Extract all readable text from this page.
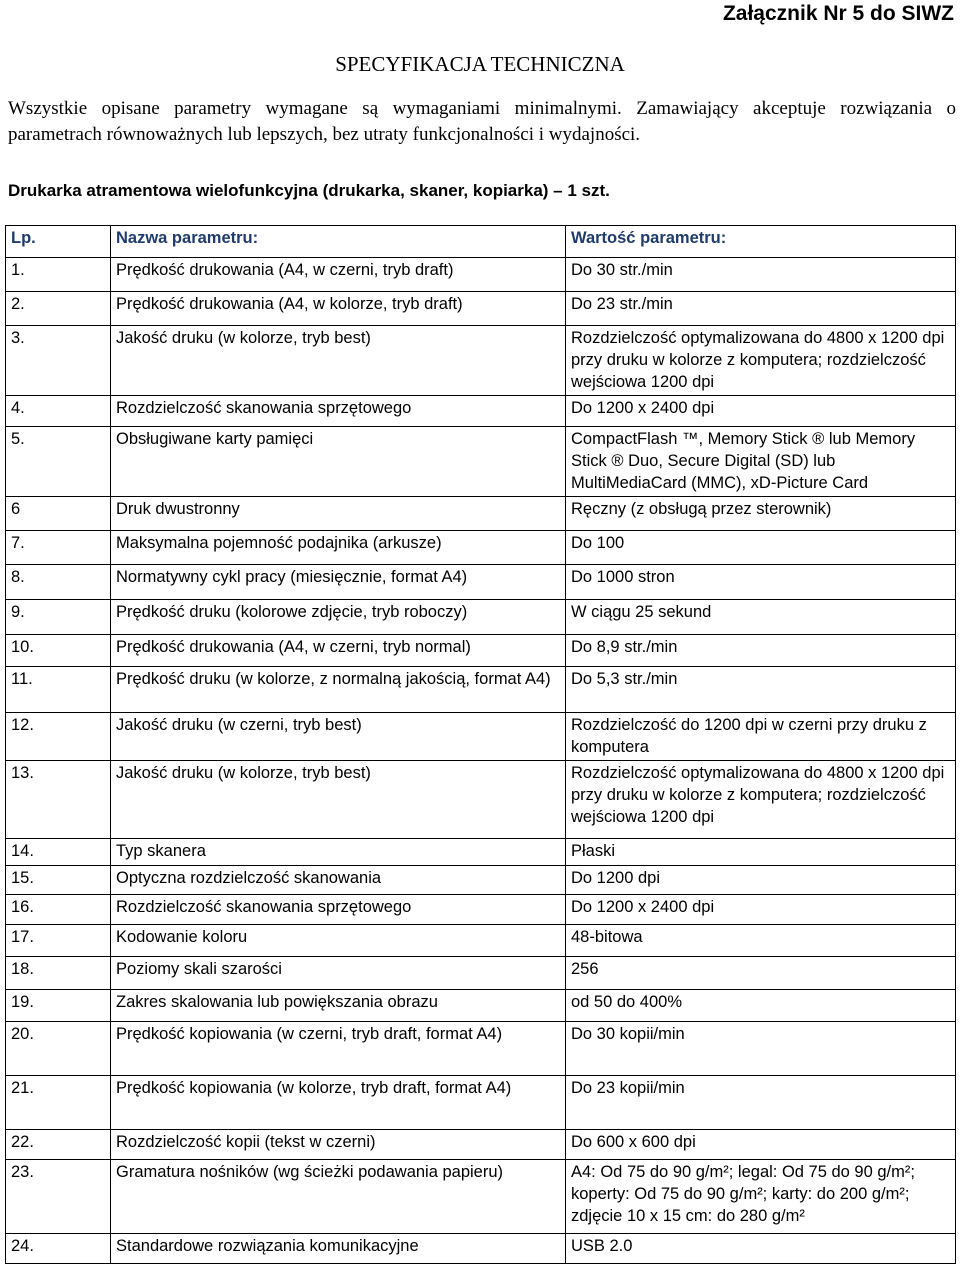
Załącznik Nr 5 do SIWZ
SPECYFIKACJA TECHNICZNA
Wszystkie opisane parametry wymagane są wymaganiami minimalnymi. Zamawiający akceptuje rozwiązania o parametrach równoważnych lub lepszych, bez utraty funkcjonalności i wydajności.
Drukarka atramentowa wielofunkcyjna (drukarka, skaner, kopiarka) – 1 szt.
Lp.	Nazwa parametru:	Wartość parametru:
1.	Prędkość drukowania (A4, w czerni, tryb draft)	Do 30 str./min
2.	Prędkość drukowania (A4, w kolorze, tryb draft)	Do 23 str./min
3.	Jakość druku (w kolorze, tryb best)	Rozdzielczość optymalizowana do 4800 x 1200 dpi przy druku w kolorze z komputera; rozdzielczość wejściowa 1200 dpi
4.	Rozdzielczość skanowania sprzętowego	Do 1200 x 2400 dpi
5.	Obsługiwane karty pamięci	CompactFlash ™, Memory Stick ® lub Memory Stick ® Duo, Secure Digital (SD) lub MultiMediaCard (MMC), xD-Picture Card
6	Druk dwustronny	Ręczny (z obsługą przez sterownik)
7.	Maksymalna pojemność podajnika (arkusze)	Do 100
8.	Normatywny cykl pracy (miesięcznie, format A4)	Do 1000 stron
9.	Prędkość druku (kolorowe zdjęcie, tryb roboczy)	W ciągu 25 sekund
10.	Prędkość drukowania (A4, w czerni, tryb normal)	Do 8,9 str./min
11.	Prędkość druku (w kolorze, z normalną jakością, format A4)	Do 5,3 str./min
12.	Jakość druku (w czerni, tryb best)	Rozdzielczość do 1200 dpi w czerni przy druku z komputera
13.	Jakość druku (w kolorze, tryb best)	Rozdzielczość optymalizowana do 4800 x 1200 dpi przy druku w kolorze z komputera; rozdzielczość wejściowa 1200 dpi
14.	Typ skanera	Płaski
15.	Optyczna rozdzielczość skanowania	Do 1200 dpi
16.	Rozdzielczość skanowania sprzętowego	Do 1200 x 2400 dpi
17.	Kodowanie koloru	48-bitowa
18.	Poziomy skali szarości	256
19.	Zakres skalowania lub powiększania obrazu	od 50 do 400%
20.	Prędkość kopiowania (w czerni, tryb draft, format A4)	Do 30 kopii/min
21.	Prędkość kopiowania (w kolorze, tryb draft, format A4)	Do 23 kopii/min
22.	Rozdzielczość kopii (tekst w czerni)	Do 600 x 600 dpi
23.	Gramatura nośników (wg ścieżki podawania papieru)	A4: Od 75 do 90 g/m²; legal: Od 75 do 90 g/m²; koperty: Od 75 do 90 g/m²; karty: do 200 g/m²; zdjęcie 10 x 15 cm: do 280 g/m²
24.	Standardowe rozwiązania komunikacyjne	USB 2.0
